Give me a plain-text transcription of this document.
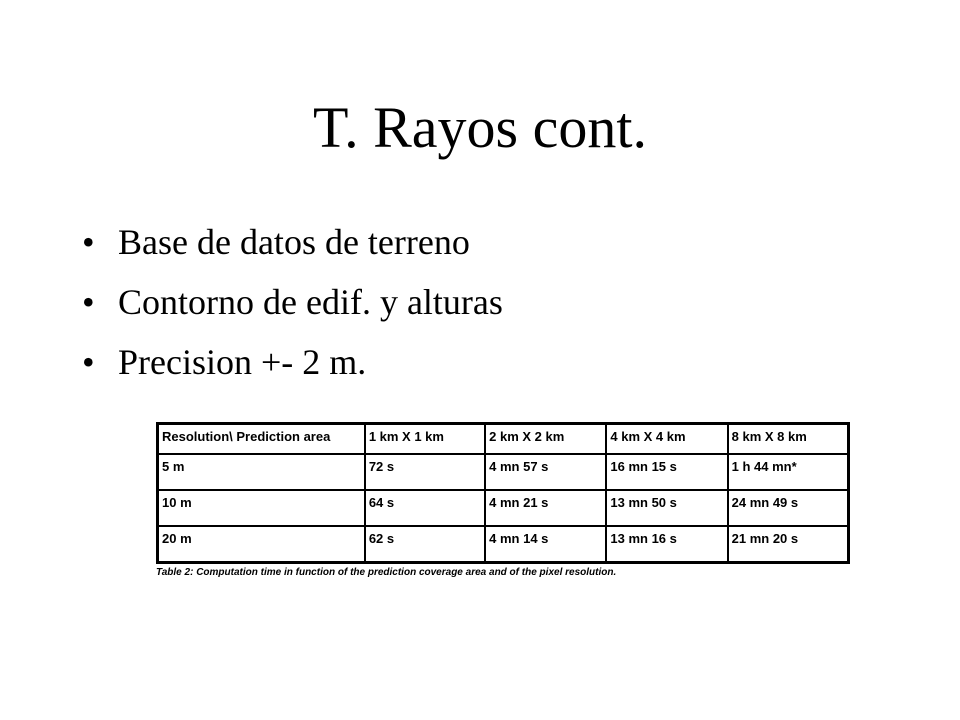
T. Rayos cont.
• Base de datos de terreno
• Contorno de edif. y alturas
• Precision +- 2 m.
Resolution\ Prediction area	1 km X 1 km	2 km X 2 km	4 km X 4 km	8 km X 8 km
5 m	72 s	4 mn 57 s	16 mn 15 s	1 h 44 mn*
10 m	64 s	4 mn 21 s	13 mn 50 s	24 mn 49 s
20 m	62 s	4 mn 14 s	13 mn 16 s	21 mn 20 s
Table 2: Computation time in function of the prediction coverage area and of the pixel resolution.
